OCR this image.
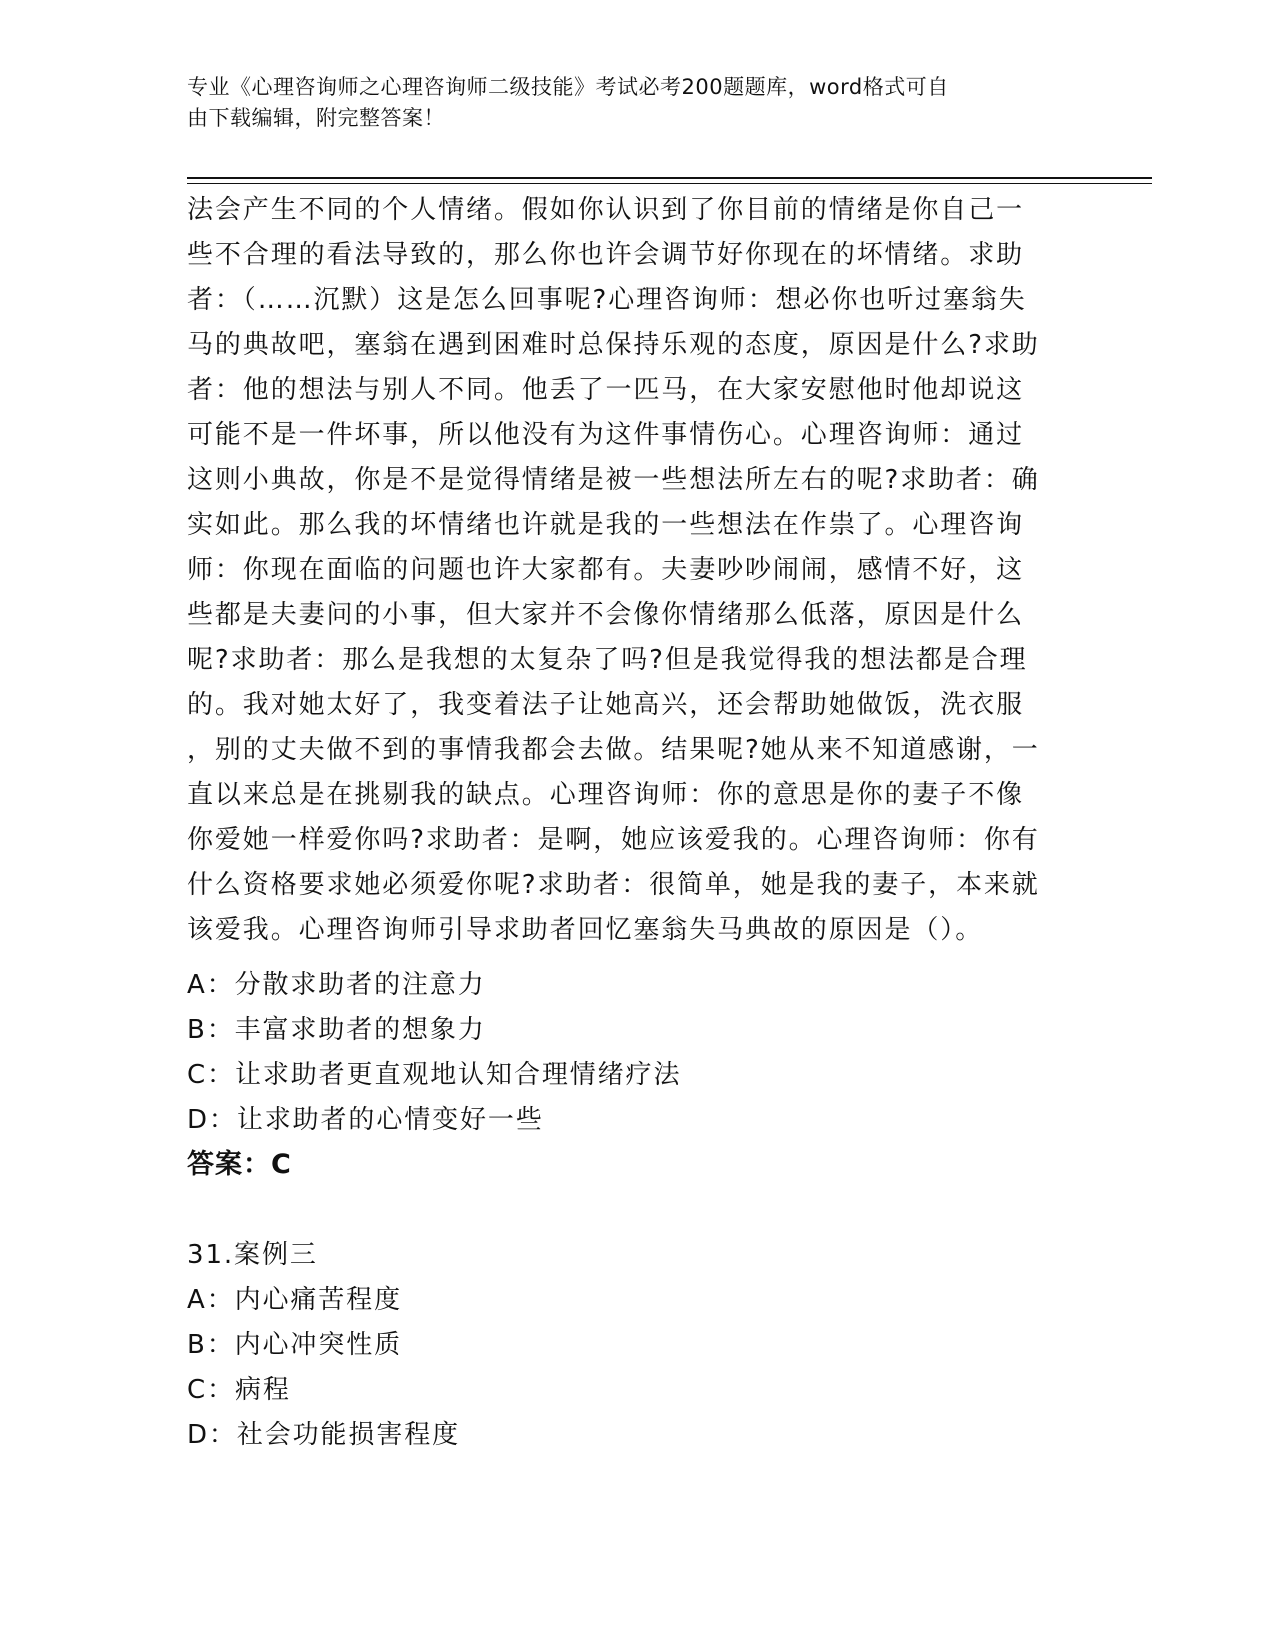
专业《心理咨询师之心理咨询师二级技能》考试必考200题题库，word格式可自
由下载编辑，附完整答案！
法会产生不同的个人情绪。假如你认识到了你目前的情绪是你自己一
些不合理的看法导致的，那么你也许会调节好你现在的坏情绪。求助
者：（……沉默）这是怎么回事呢?心理咨询师：想必你也听过塞翁失
马的典故吧，塞翁在遇到困难时总保持乐观的态度，原因是什么?求助
者：他的想法与别人不同。他丢了一匹马，在大家安慰他时他却说这
可能不是一件坏事，所以他没有为这件事情伤心。心理咨询师：通过
这则小典故，你是不是觉得情绪是被一些想法所左右的呢?求助者：确
实如此。那么我的坏情绪也许就是我的一些想法在作祟了。心理咨询
师：你现在面临的问题也许大家都有。夫妻吵吵闹闹，感情不好，这
些都是夫妻问的小事，但大家并不会像你情绪那么低落，原因是什么
呢?求助者：那么是我想的太复杂了吗?但是我觉得我的想法都是合理
的。我对她太好了，我变着法子让她高兴，还会帮助她做饭，洗衣服
，别的丈夫做不到的事情我都会去做。结果呢?她从来不知道感谢，一
直以来总是在挑剔我的缺点。心理咨询师：你的意思是你的妻子不像
你爱她一样爱你吗?求助者：是啊，她应该爱我的。心理咨询师：你有
什么资格要求她必须爱你呢?求助者：很简单，她是我的妻子，本来就
该爱我。心理咨询师引导求助者回忆塞翁失马典故的原因是（）。
A：分散求助者的注意力
B：丰富求助者的想象力
C：让求助者更直观地认知合理情绪疗法
D：让求助者的心情变好一些
答案：C
31.案例三
A：内心痛苦程度
B：内心冲突性质
C：病程
D：社会功能损害程度
